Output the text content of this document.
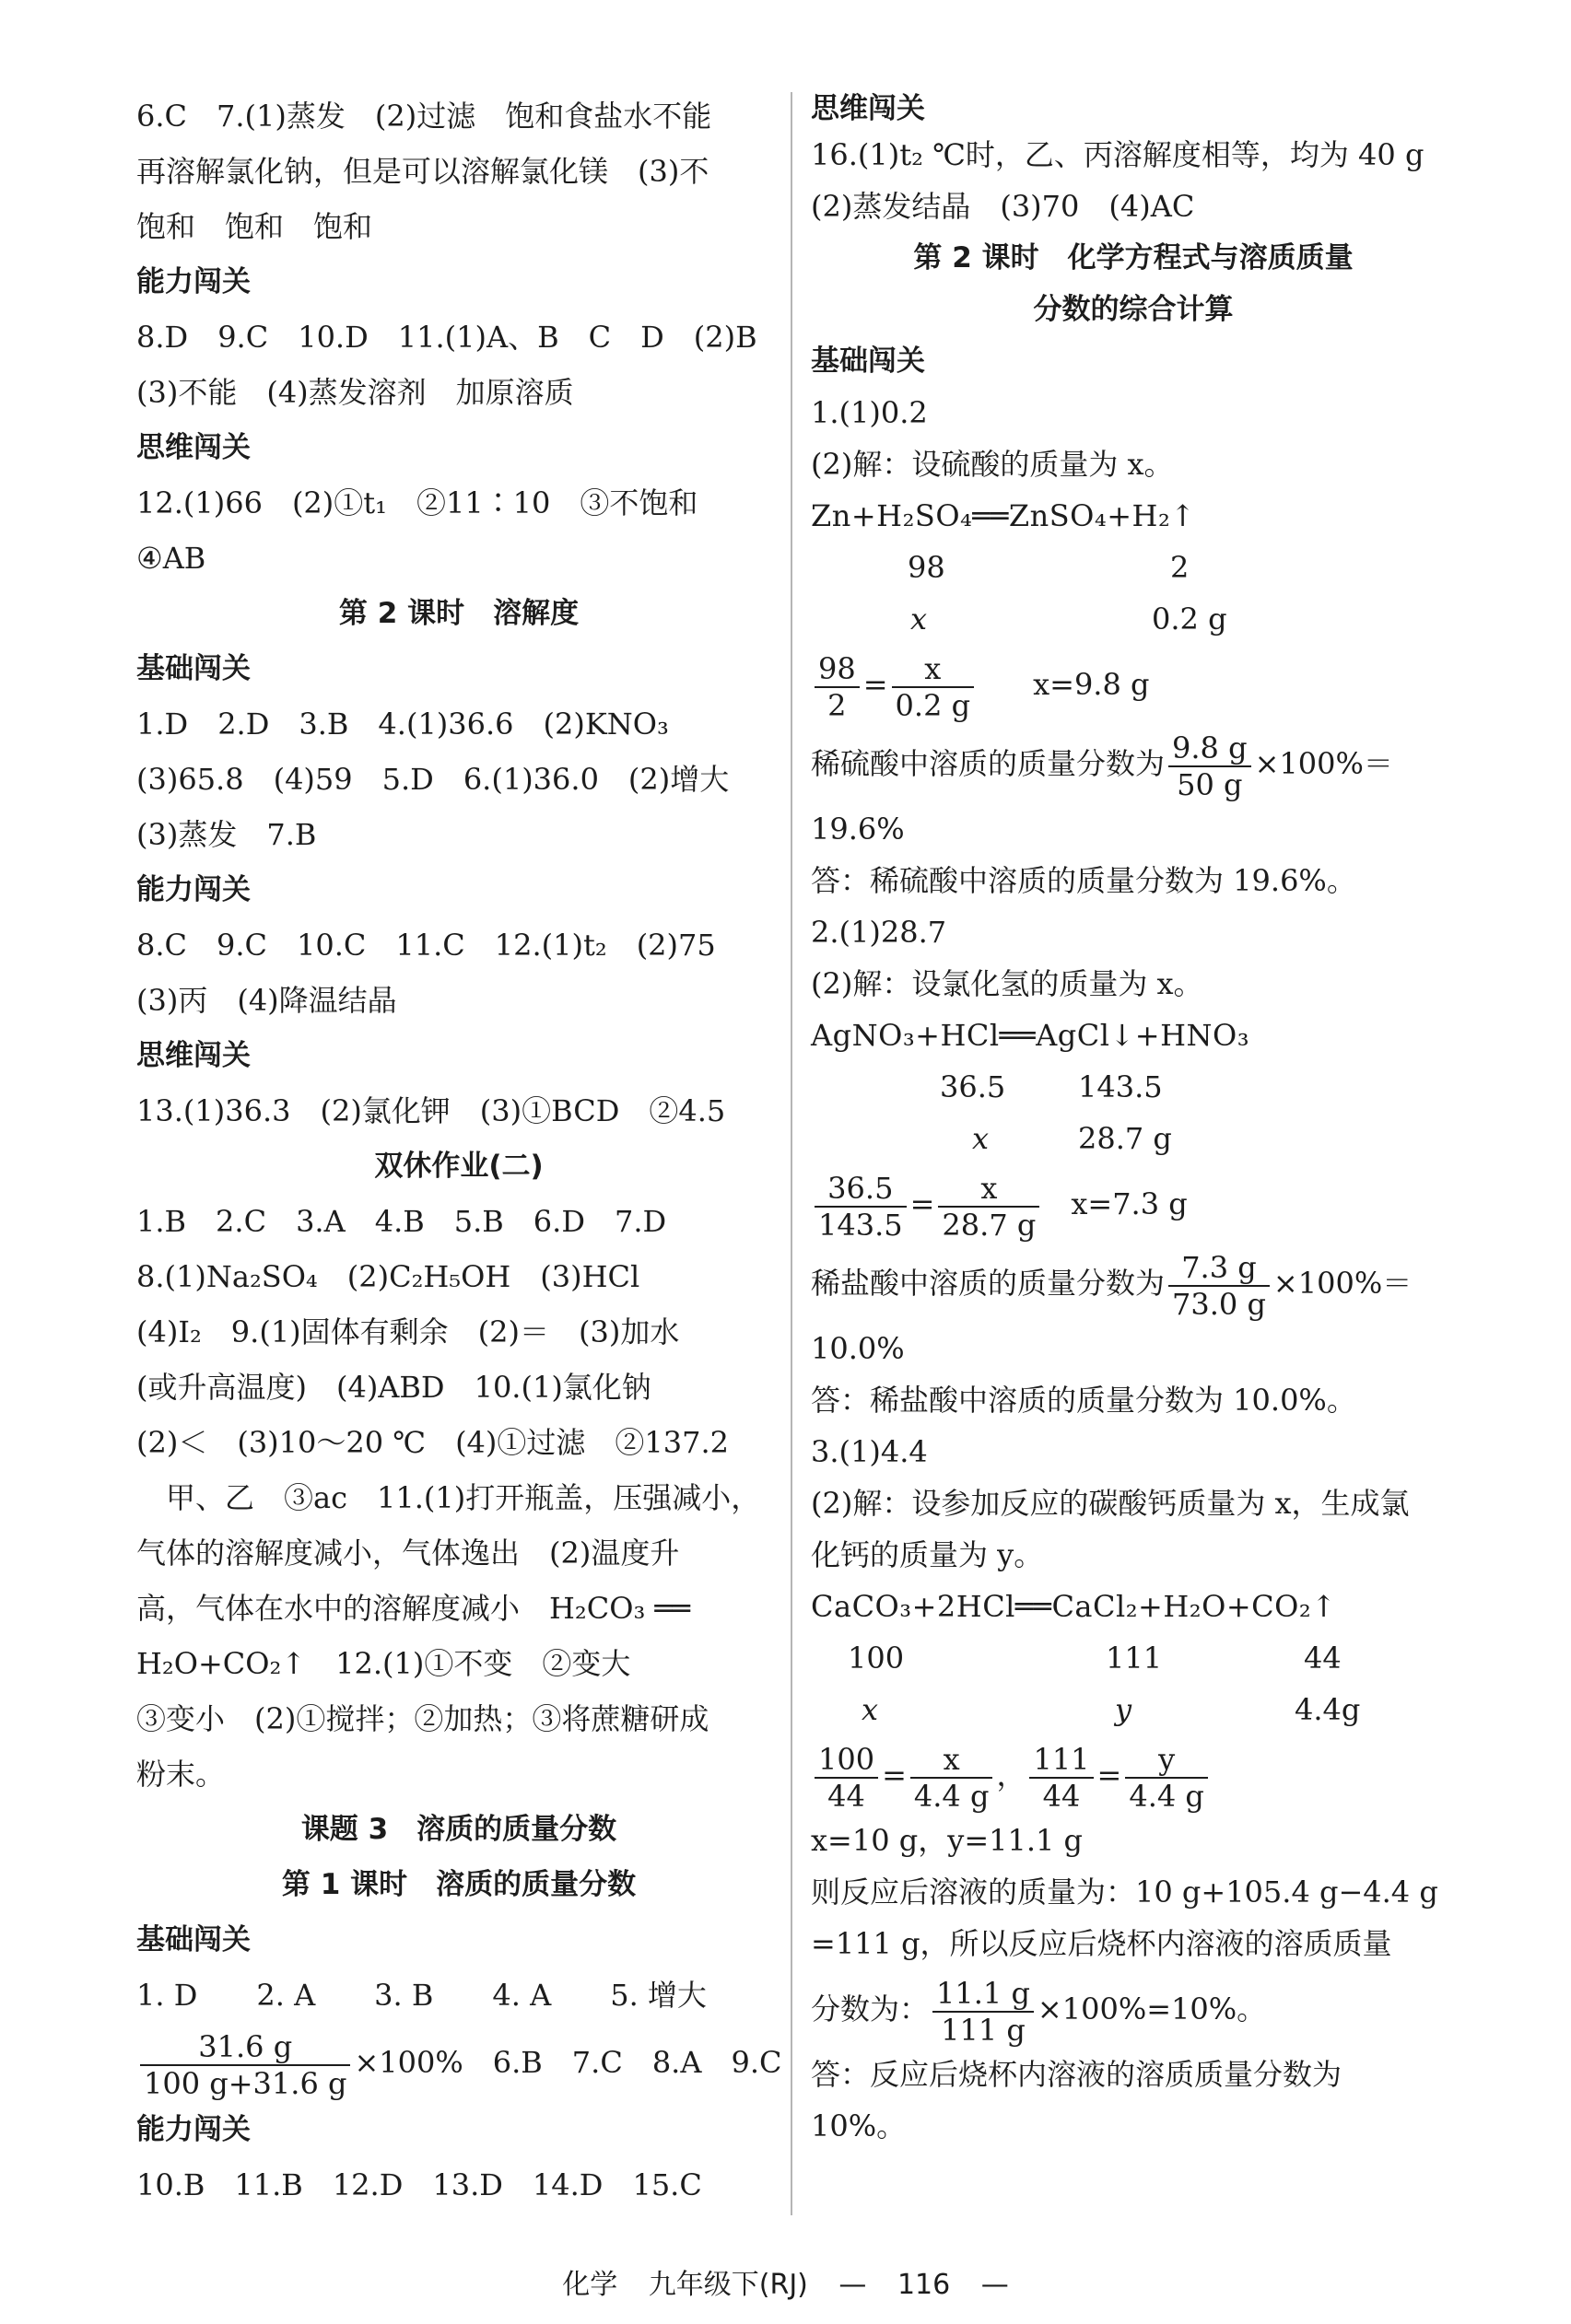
6.C　7.(1)蒸发　(2)过滤　饱和食盐水不能
再溶解氯化钠，但是可以溶解氯化镁　(3)不
饱和　饱和　饱和
能力闯关
8.D　9.C　10.D　11.(1)A、B　C　D　(2)B
(3)不能　(4)蒸发溶剂　加原溶质
思维闯关
12.(1)66　(2)①t₁　②11∶10　③不饱和
④AB
第 2 课时　溶解度
基础闯关
1.D　2.D　3.B　4.(1)36.6　(2)KNO₃
(3)65.8　(4)59　5.D　6.(1)36.0　(2)增大
(3)蒸发　7.B
能力闯关
8.C　9.C　10.C　11.C　12.(1)t₂　(2)75
(3)丙　(4)降温结晶
思维闯关
13.(1)36.3　(2)氯化钾　(3)①BCD　②4.5
双休作业(二)
1.B　2.C　3.A　4.B　5.B　6.D　7.D
8.(1)Na₂SO₄　(2)C₂H₅OH　(3)HCl
(4)I₂　9.(1)固体有剩余　(2)＝　(3)加水
(或升高温度)　(4)ABD　10.(1)氯化钠
(2)＜　(3)10～20 ℃　(4)①过滤　②137.2
　甲、乙　③ac　11.(1)打开瓶盖，压强减小，
气体的溶解度减小，气体逸出　(2)温度升
高，气体在水中的溶解度减小　H₂CO₃ ══
H₂O+CO₂↑　12.(1)①不变　②变大
③变小　(2)①搅拌；②加热；③将蔗糖研成
粉末。
课题 3　溶质的质量分数
第 1 课时　溶质的质量分数
基础闯关
1. D　　2. A　　3. B　　4. A　　5. 增大
$\frac{31.6 g}{100 g+31.6 g} \times 100\%$　6.B　7.C　8.A　9.C
能力闯关
10.B　11.B　12.D　13.D　14.D　15.C
思维闯关
16.(1)t₂ ℃时，乙、丙溶解度相等，均为 40 g
(2)蒸发结晶　(3)70　(4)AC
第 2 课时　化学方程式与溶质质量
分数的综合计算
基础闯关
1.(1)0.2
(2)解：设硫酸的质量为 x。
Zn+H₂SO₄══ZnSO₄+H₂↑
98	2
x	0.2 g
$\frac{98}{2} = \frac{x}{0.2 g} x=9.8$ g
稀硫酸中溶质的质量分数为 $\frac{9.8 g}{50 g} \times 100\%=$
19.6%
答：稀硫酸中溶质的质量分数为 19.6%。
2.(1)28.7
(2)解：设氯化氢的质量为 x。
AgNO₃+HCl══AgCl↓+HNO₃
36.5 143.5
x	28.7 g
$\frac{36.5}{143.5} = \frac{x}{28.7 g} x=7.3$ g
稀盐酸中溶质的质量分数为 $\frac{7.3 g}{73.0 g} \times 100\%=$
10.0%
答：稀盐酸中溶质的质量分数为 10.0%。
3.(1)4.4
(2)解：设参加反应的碳酸钙质量为 x，生成氯
化钙的质量为 y。
CaCO₃+2HCl══CaCl₂+H₂O+CO₂↑
100	111	44
x	y	4.4g
$\frac{100}{44} = \frac{x}{4.4 g}$ ， $\frac{111}{44} = \frac{y}{4.4 g}$
x=10 g，y=11.1 g
则反应后溶液的质量为：10 g+105.4 g−4.4 g
=111 g，所以反应后烧杯内溶液的溶质质量
分数为： $\frac{11.1 g}{111 g} \times 100\%=10\%$。
答：反应后烧杯内溶液的溶质质量分数为
10%。
化学 九年级下(RJ) — 116 —
